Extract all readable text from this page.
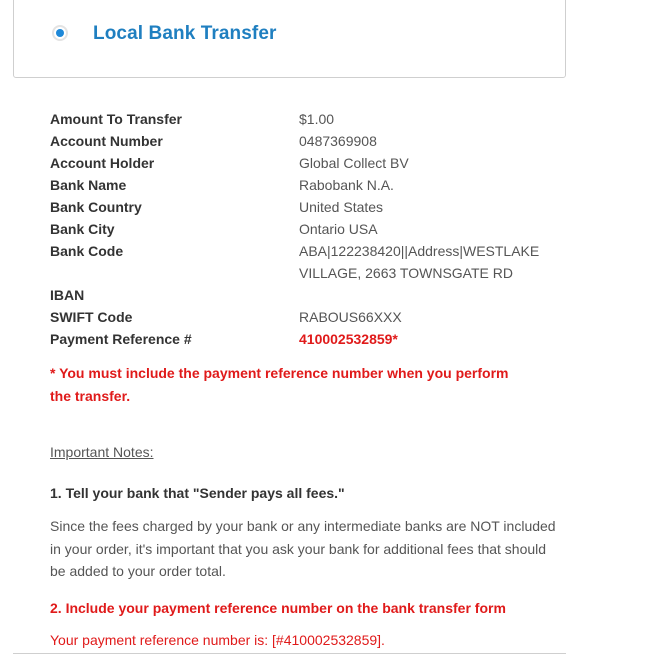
Local Bank Transfer
Amount To Transfer	$1.00
Account Number	0487369908
Account Holder	Global Collect BV
Bank Name	Rabobank N.A.
Bank Country	United States
Bank City	Ontario USA
Bank Code	ABA|122238420||Address|WESTLAKE VILLAGE, 2663 TOWNSGATE RD
IBAN
SWIFT Code	RABOUS66XXX
Payment Reference #	410002532859*
* You must include the payment reference number when you perform the transfer.
Important Notes:
1. Tell your bank that "Sender pays all fees."
Since the fees charged by your bank or any intermediate banks are NOT included in your order, it's important that you ask your bank for additional fees that should be added to your order total.
2. Include your payment reference number on the bank transfer form
Your payment reference number is: [#410002532859].
